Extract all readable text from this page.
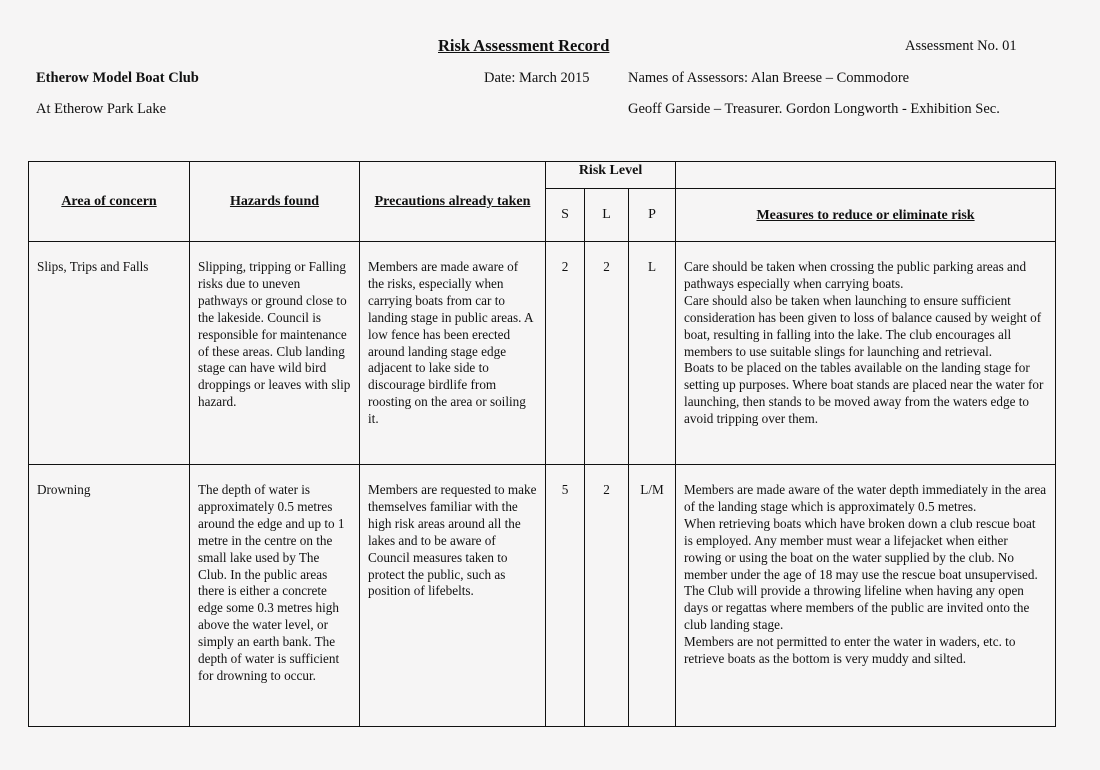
Risk Assessment Record	Assessment No. 01
Etherow Model Boat Club	Date: March 2015	Names of Assessors: Alan Breese – Commodore
At Etherow Park Lake	Geoff Garside – Treasurer. Gordon Longworth - Exhibition Sec.
Area of concern	Hazards found	Precautions already taken	Risk Level			
			S	L	P	Measures to reduce or eliminate risk
Slips, Trips and Falls	Slipping, tripping or Falling risks due to uneven pathways or ground close to the lakeside. Council is responsible for maintenance of these areas. Club landing stage can have wild bird droppings or leaves with slip hazard.	Members are made aware of the risks, especially when carrying boats from car to landing stage in public areas. A low fence has been erected around landing stage edge adjacent to lake side to discourage birdlife from roosting on the area or soiling it.	2	2	L	Care should be taken when crossing the public parking areas and pathways especially when carrying boats.
Care should also be taken when launching to ensure sufficient consideration has been given to loss of balance caused by weight of boat, resulting in falling into the lake. The club encourages all members to use suitable slings for launching and retrieval.
Boats to be placed on the tables available on the landing stage for setting up purposes. Where boat stands are placed near the water for launching, then stands to be moved away from the waters edge to avoid tripping over them.

Drowning	The depth of water is approximately 0.5 metres around the edge and up to 1 metre in the centre on the small lake used by The Club. In the public areas there is either a concrete edge some 0.3 metres high above the water level, or simply an earth bank. The depth of water is sufficient for drowning to occur.	Members are requested to make themselves familiar with the high risk areas around all the lakes and to be aware of Council measures taken to protect the public, such as position of lifebelts.	5	2	L/M	Members are made aware of the water depth immediately in the area of the landing stage which is approximately 0.5 metres.
When retrieving boats which have broken down a club rescue boat is employed. Any member must wear a lifejacket when either rowing or using the boat on the water supplied by the club. No member under the age of 18 may use the rescue boat unsupervised.
The Club will provide a throwing lifeline when having any open days or regattas where members of the public are invited onto the club landing stage.
Members are not permitted to enter the water in waders, etc. to retrieve boats as the bottom is very muddy and silted.
